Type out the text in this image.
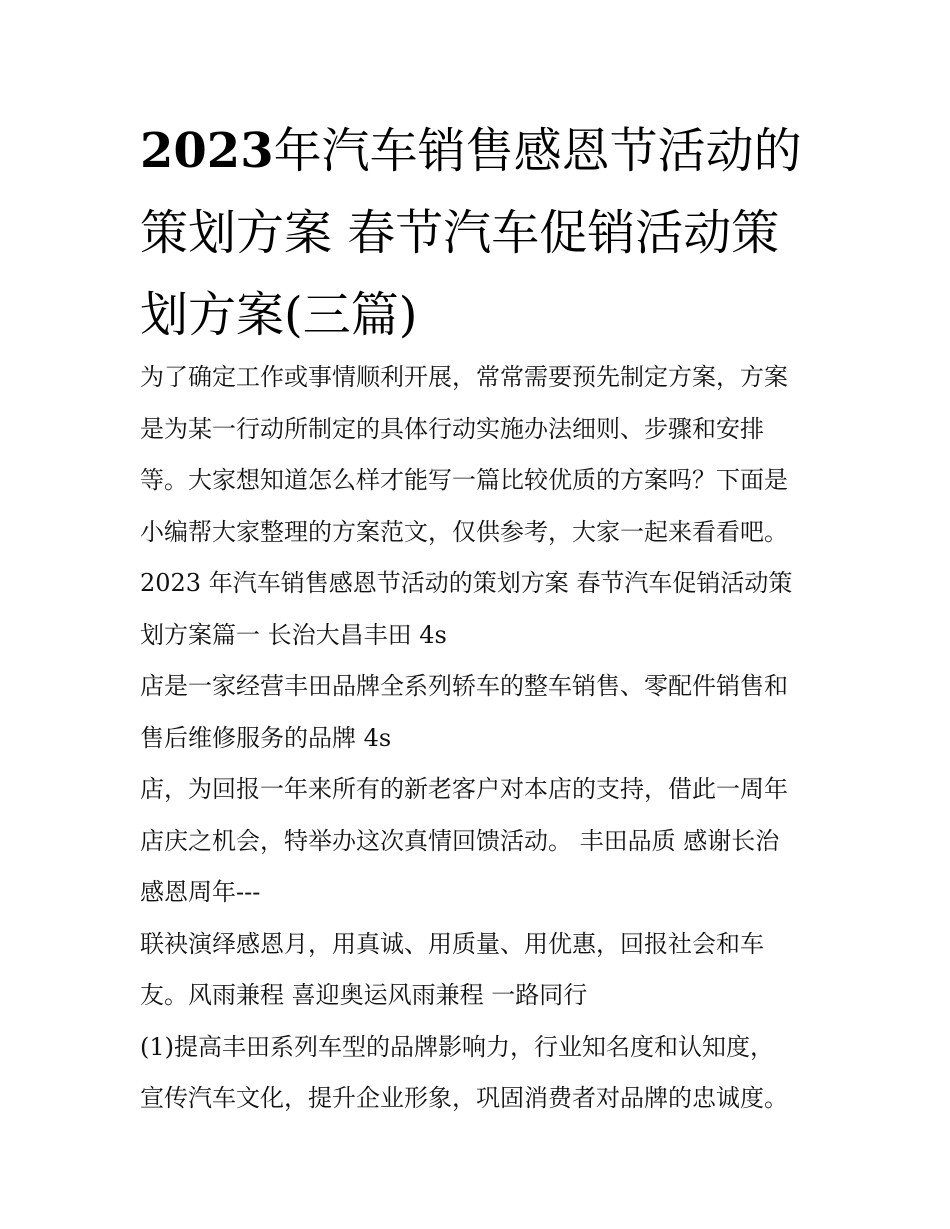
2023年汽车销售感恩节活动的
策划方案 春节汽车促销活动策
划方案(三篇)
为了确定工作或事情顺利开展，常常需要预先制定方案，方案
是为某一行动所制定的具体行动实施办法细则、步骤和安排
等。大家想知道怎么样才能写一篇比较优质的方案吗？下面是
小编帮大家整理的方案范文，仅供参考，大家一起来看看吧。
2023 年汽车销售感恩节活动的策划方案 春节汽车促销活动策
划方案篇一 长治大昌丰田 4s
店是一家经营丰田品牌全系列轿车的整车销售、零配件销售和
售后维修服务的品牌 4s
店，为回报一年来所有的新老客户对本店的支持，借此一周年
店庆之机会，特举办这次真情回馈活动。 丰田品质 感谢长治
感恩周年---
联袂演绎感恩月，用真诚、用质量、用优惠，回报社会和车
友。风雨兼程 喜迎奥运风雨兼程 一路同行
(1)提高丰田系列车型的品牌影响力，行业知名度和认知度，
宣传汽车文化，提升企业形象，巩固消费者对品牌的忠诚度。
